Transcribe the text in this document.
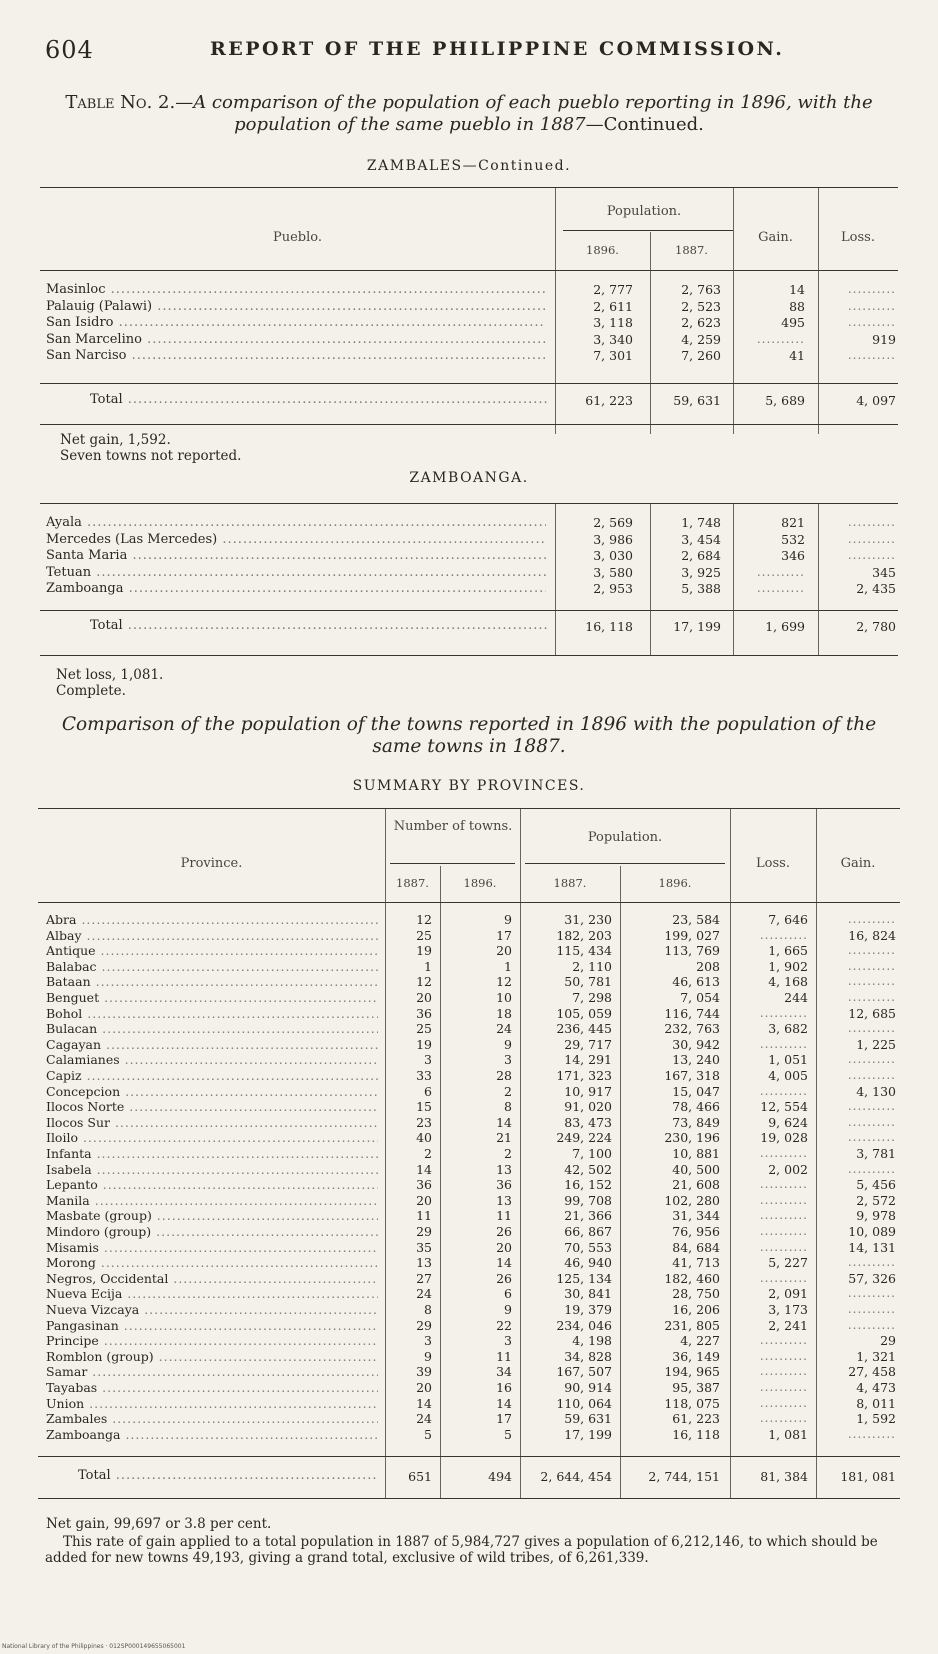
604	REPORT OF THE PHILIPPINE COMMISSION.
Table No. 2.—A comparison of the population of each pueblo reporting in 1896, with the population of the same pueblo in 1887—Continued.
ZAMBALES—Continued.
Pueblo.
Population.
1896.	1887.
Gain.	Loss.
Masinloc .....	2, 777	2, 763	14	..........
Palauig (Palawi) .....	2, 611	2, 523	88	..........
San Isidro .....	3, 118	2, 623	495	..........
San Marcelino .....	3, 340	4, 259	..........	919
San Narciso .....	7, 301	7, 260	41	..........
Total .....	61, 223	59, 631	5, 689	4, 097
Net gain, 1,592.
Seven towns not reported.
ZAMBOANGA.
Ayala .....	2, 569	1, 748	821	..........
Mercedes (Las Mercedes) .....	3, 986	3, 454	532	..........
Santa Maria .....	3, 030	2, 684	346	..........
Tetuan .....	3, 580	3, 925	..........	345
Zamboanga .....	2, 953	5, 388	..........	2, 435
Total .....	16, 118	17, 199	1, 699	2, 780
Net loss, 1,081.
Complete.
Comparison of the population of the towns reported in 1896 with the population of the same towns in 1887.
SUMMARY BY PROVINCES.
Province.
Number of towns.
1887.	1896.
Population.
1887.	1896.
Loss.	Gain.
Abra .....	12	9	31, 230	23, 584	7, 646	..........
Albay .....	25	17	182, 203	199, 027	..........	16, 824
Antique .....	19	20	115, 434	113, 769	1, 665	..........
Balabac .....	1	1	2, 110	208	1, 902	..........
Bataan .....	12	12	50, 781	46, 613	4, 168	..........
Benguet .....	20	10	7, 298	7, 054	244	..........
Bohol .....	36	18	105, 059	116, 744	..........	12, 685
Bulacan .....	25	24	236, 445	232, 763	3, 682	..........
Cagayan .....	19	9	29, 717	30, 942	..........	1, 225
Calamianes .....	3	3	14, 291	13, 240	1, 051	..........
Capiz .....	33	28	171, 323	167, 318	4, 005	..........
Concepcion .....	6	2	10, 917	15, 047	..........	4, 130
Ilocos Norte .....	15	8	91, 020	78, 466	12, 554	..........
Ilocos Sur .....	23	14	83, 473	73, 849	9, 624	..........
Iloilo .....	40	21	249, 224	230, 196	19, 028	..........
Infanta .....	2	2	7, 100	10, 881	..........	3, 781
Isabela .....	14	13	42, 502	40, 500	2, 002	..........
Lepanto .....	36	36	16, 152	21, 608	..........	5, 456
Manila .....	20	13	99, 708	102, 280	..........	2, 572
Masbate (group) .....	11	11	21, 366	31, 344	..........	9, 978
Mindoro (group) .....	29	26	66, 867	76, 956	..........	10, 089
Misamis .....	35	20	70, 553	84, 684	..........	14, 131
Morong .....	13	14	46, 940	41, 713	5, 227	..........
Negros, Occidental .....	27	26	125, 134	182, 460	..........	57, 326
Nueva Ecija .....	24	6	30, 841	28, 750	2, 091	..........
Nueva Vizcaya .....	8	9	19, 379	16, 206	3, 173	..........
Pangasinan .....	29	22	234, 046	231, 805	2, 241	..........
Principe .....	3	3	4, 198	4, 227	..........	29
Romblon (group) .....	9	11	34, 828	36, 149	..........	1, 321
Samar .....	39	34	167, 507	194, 965	..........	27, 458
Tayabas .....	20	16	90, 914	95, 387	..........	4, 473
Union .....	14	14	110, 064	118, 075	..........	8, 011
Zambales .....	24	17	59, 631	61, 223	..........	1, 592
Zamboanga .....	5	5	17, 199	16, 118	1, 081	..........
Total .....	651	494	2, 644, 454	2, 744, 151	81, 384	181, 081
Net gain, 99,697 or 3.8 per cent.
This rate of gain applied to a total population in 1887 of 5,984,727 gives a population of 6,212,146, to which should be added for new towns 49,193, giving a grand total, exclusive of wild tribes, of 6,261,339.
National Library of the Philippines · 012SP000149655065001
